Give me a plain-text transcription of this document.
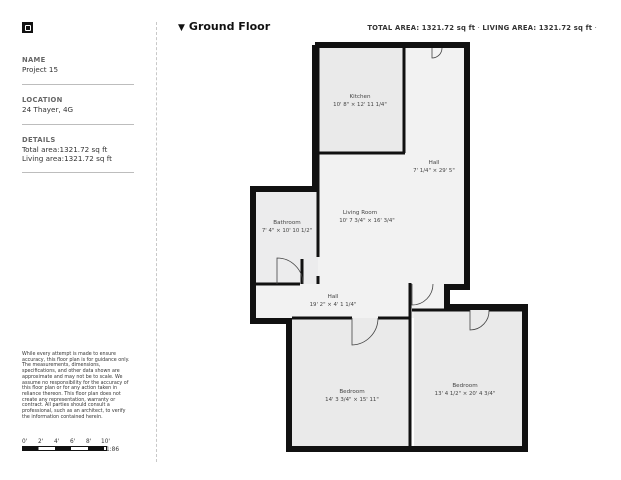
NAME
Project 15
LOCATION
24 Thayer, 4G
DETAILS
Total area:1321.72 sq ft
Living area:1321.72 sq ft
While every attempt is made to ensure accuracy, this floor plan is for guidance only. The measurements, dimensions, specifications, and other data shown are approximate and may not be to scale. We assume no responsibility for the accuracy of this floor plan or for any action taken in reliance thereon. This floor plan does not create any representation, warranty or contract. All parties should consult a professional, such as an architect, to verify the information contained herein.
0' 2' 4' 6' 8' 10'
1:86
▼ Ground Floor	TOTAL AREA: 1321.72 sq ft · LIVING AREA: 1321.72 sq ft ·
Kitchen
10' 8" × 12' 11 1/4"
Hall
7' 1/4" × 29' 5"
Living Room
10' 7 3/4" × 16' 3/4"
Bathroom
7' 4" × 10' 10 1/2"
Hall
19' 2" × 4' 1 1/4"
Bedroom
14' 3 3/4" × 15' 11"
Bedroom
13' 4 1/2" × 20' 4 3/4"
